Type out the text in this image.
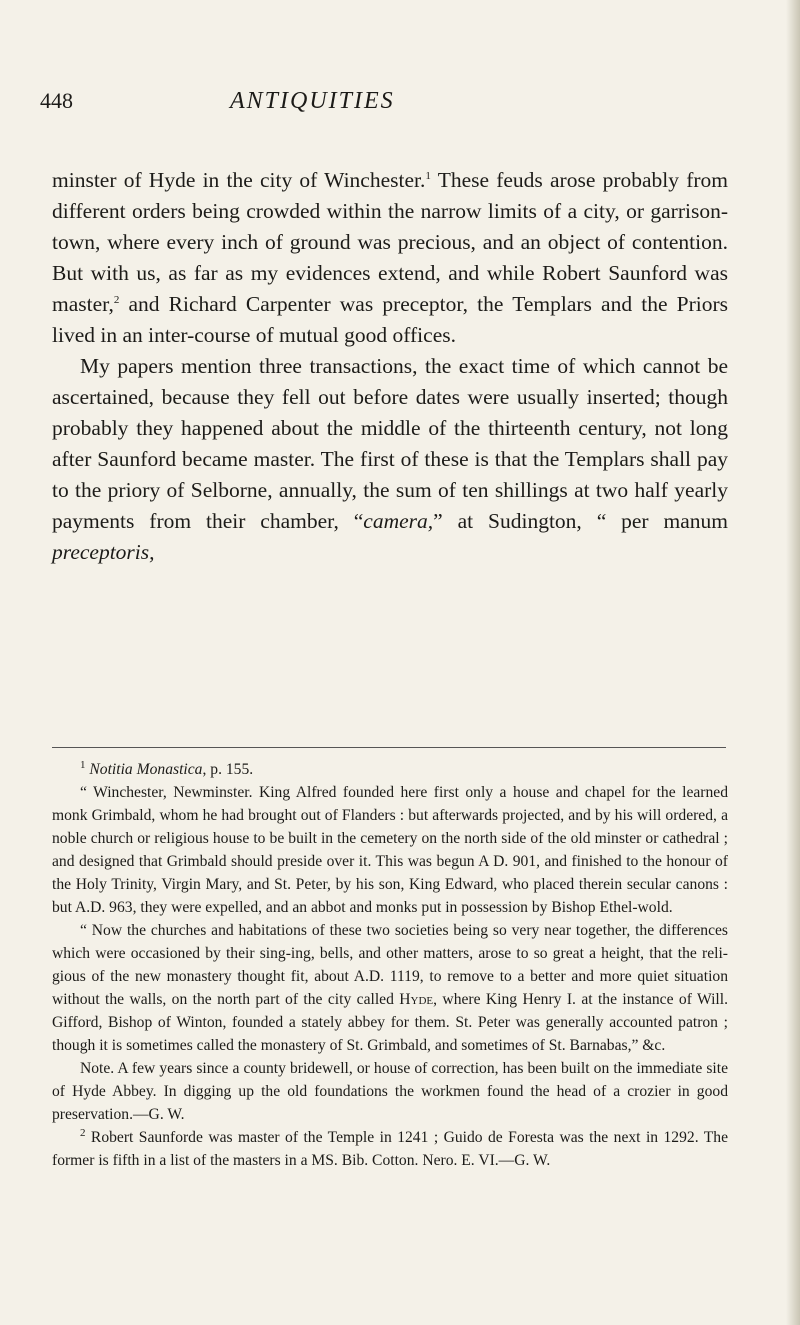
448	ANTIQUITIES

minster of Hyde in the city of Winchester.$^1$ These feuds arose probably from different orders being crowded within the narrow limits of a city, or garrison-town, where every inch of ground was precious, and an object of contention. But with us, as far as my evidences extend, and while Robert Saunford was master,$^2$ and Richard Carpenter was preceptor, the Templars and the Priors lived in an inter-course of mutual good offices.

My papers mention three transactions, the exact time of which cannot be ascertained, because they fell out before dates were usually inserted; though probably they happened about the middle of the thirteenth century, not long after Saunford became master. The first of these is that the Templars shall pay to the priory of Selborne, annually, the sum of ten shillings at two half yearly payments from their chamber, “camera,” at Sudington, “ per manum preceptoris,

$^1$ Notitia Monastica, p. 155.

“ Winchester, Newminster. King Alfred founded here first only a house and chapel for the learned monk Grimbald, whom he had brought out of Flanders : but afterwards projected, and by his will ordered, a noble church or religious house to be built in the cemetery on the north side of the old minster or cathedral ; and designed that Grimbald should preside over it. This was begun A D. 901, and finished to the honour of the Holy Trinity, Virgin Mary, and St. Peter, by his son, King Edward, who placed therein secular canons : but A.D. 963, they were expelled, and an abbot and monks put in possession by Bishop Ethel-wold.

“ Now the churches and habitations of these two societies being so very near together, the differences which were occasioned by their sing-ing, bells, and other matters, arose to so great a height, that the reli-gious of the new monastery thought fit, about A.D. 1119, to remove to a better and more quiet situation without the walls, on the north part of the city called Hyde, where King Henry I. at the instance of Will. Gifford, Bishop of Winton, founded a stately abbey for them. St. Peter was generally accounted patron ; though it is sometimes called the monastery of St. Grimbald, and sometimes of St. Barnabas,” &c.

Note. A few years since a county bridewell, or house of correction, has been built on the immediate site of Hyde Abbey. In digging up the old foundations the workmen found the head of a crozier in good preservation.—G. W.

$^2$ Robert Saunforde was master of the Temple in 1241 ; Guido de Foresta was the next in 1292. The former is fifth in a list of the masters in a MS. Bib. Cotton. Nero. E. VI.—G. W.
